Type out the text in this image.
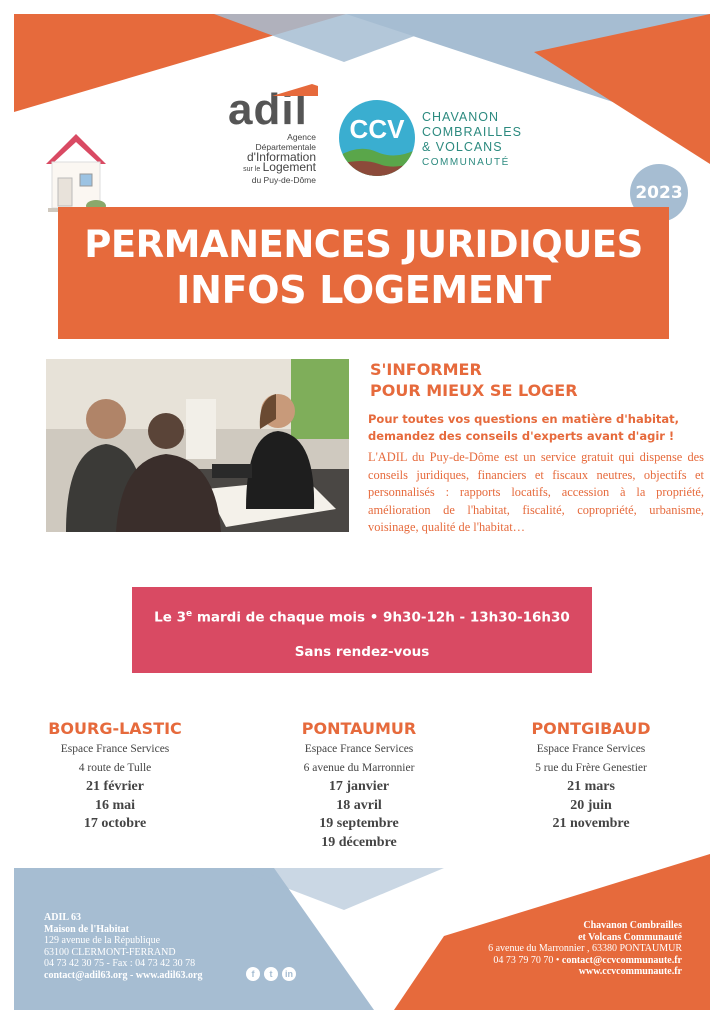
adil
Agence Départementale
d'Information
sur le Logement
du Puy-de-Dôme
CCV	CHAVANON
COMBRAILLES
& VOLCANS
COMMUNAUTÉ
2023
PERMANENCES JURIDIQUES
INFOS LOGEMENT
S'INFORMER
POUR MIEUX SE LOGER
Pour toutes vos questions en matière d'habitat, demandez des conseils d'experts avant d'agir !
L'ADIL du Puy-de-Dôme est un service gratuit qui dispense des conseils juridiques, financiers et fiscaux neutres, objectifs et personnalisés : rapports locatifs, accession à la propriété, amélioration de l'habitat, fiscalité, copropriété, urbanisme, voisinage, qualité de l'habitat…
Le 3e mardi de chaque mois • 9h30-12h - 13h30-16h30
Sans rendez-vous
BOURG-LASTIC
Espace France Services
4 route de Tulle
21 février
16 mai
17 octobre
PONTAUMUR
Espace France Services
6 avenue du Marronnier
17 janvier
18 avril
19 septembre
19 décembre
PONTGIBAUD
Espace France Services
5 rue du Frère Genestier
21 mars
20 juin
21 novembre
ADIL 63
Maison de l'Habitat
129 avenue de la République
63100 CLERMONT-FERRAND
04 73 42 30 75 - Fax : 04 73 42 30 78
contact@adil63.org - www.adil63.org	f t in
Chavanon Combrailles
et Volcans Communauté
6 avenue du Marronnier , 63380 PONTAUMUR
04 73 79 70 70 • contact@ccvcommunaute.fr
www.ccvcommunaute.fr
